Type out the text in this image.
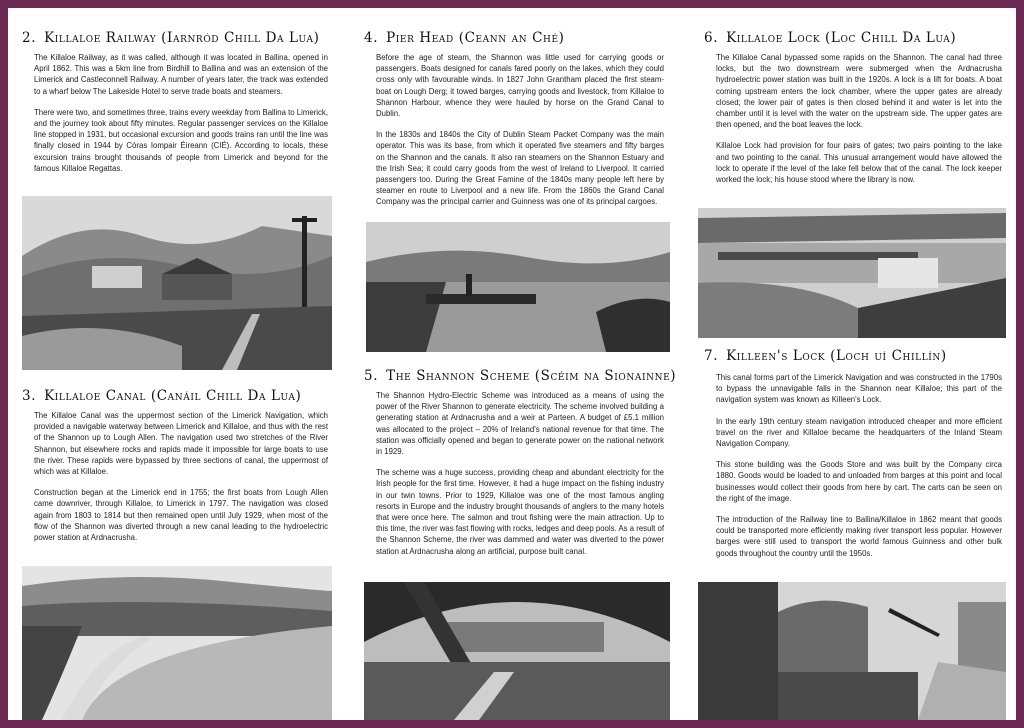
2. Killaloe Railway (Iarnród Chill Da Lua)

The Killaloe Railway, as it was called, although it was located in Ballina, opened in April 1862. This was a 5km line from Birdhill to Ballina and was an extension of the Limerick and Castleconnell Railway. A number of years later, the track was extended to a wharf below The Lakeside Hotel to serve trade boats and steamers.

There were two, and sometimes three, trains every weekday from Ballina to Limerick, and the journey took about fifty minutes. Regular passenger services on the Killaloe line stopped in 1931, but occasional excursion and goods trains ran until the line was finally closed in 1944 by Córas Iompair Éireann (CIÉ). According to locals, these excursion trains brought thousands of people from Limerick and beyond for the famous Killaloe Regattas.

3. Killaloe Canal (Canáil Chill Da Lua)

The Killaloe Canal was the uppermost section of the Limerick Navigation, which provided a navigable waterway between Limerick and Killaloe, and thus with the rest of the Shannon up to Lough Allen. The navigation used two stretches of the River Shannon, but elsewhere rocks and rapids made it impossible for large boats to use the river. These rapids were bypassed by three sections of canal, the uppermost of which was at Killaloe.

Construction began at the Limerick end in 1755; the first boats from Lough Allen came downriver, through Killaloe, to Limerick in 1797. The navigation was closed again from 1803 to 1814 but then remained open until July 1929, when most of the flow of the Shannon was diverted through a new canal leading to the hydroelectric power station at Ardnacrusha.

4. Pier Head (Ceann an Ché)

Before the age of steam, the Shannon was little used for carrying goods or passengers. Boats designed for canals fared poorly on the lakes, which they could cross only with favourable winds. In 1827 John Grantham placed the first steam-boat on Lough Derg; it towed barges, carrying goods and livestock, from Killaloe to Shannon Harbour, whence they were hauled by horse on the Grand Canal to Dublin.

In the 1830s and 1840s the City of Dublin Steam Packet Company was the main operator. This was its base, from which it operated five steamers and fifty barges on the Shannon and the canals. It also ran steamers on the Shannon Estuary and the Irish Sea; it could carry goods from the west of Ireland to Liverpool. It carried passengers too. During the Great Famine of the 1840s many people left here by steamer en route to Liverpool and a new life. From the 1860s the Grand Canal Company was the principal carrier and Guinness was one of its principal cargoes.

5. The Shannon Scheme (Scéim na Sionainne)

The Shannon Hydro-Electric Scheme was introduced as a means of using the power of the River Shannon to generate electricity. The scheme involved building a generating station at Ardnacrusha and a weir at Parteen. A budget of £5.1 million was allocated to the project – 20% of Ireland's national revenue for that time. The station was officially opened and began to generate power on the national network in 1929.

The scheme was a huge success, providing cheap and abundant electricity for the Irish people for the first time. However, it had a huge impact on the fishing industry in our twin towns. Prior to 1929, Killaloe was one of the most famous angling resorts in Europe and the industry brought thousands of anglers to the many hotels that were once here. The salmon and trout fishing were the main attraction. Up to this time, the river was fast flowing with rocks, ledges and deep pools. As a result of the Shannon Scheme, the river was dammed and water was diverted to the power station at Ardnacrusha along an artificial, purpose built canal.

6. Killaloe Lock (Loc Chill Da Lua)

The Killaloe Canal bypassed some rapids on the Shannon. The canal had three locks, but the two downstream were submerged when the Ardnacrusha hydroelectric power station was built in the 1920s. A lock is a lift for boats. A boat coming upstream enters the lock chamber, where the upper gates are already closed; the lower pair of gates is then closed behind it and water is let into the chamber until it is level with the water on the upstream side. The upper gates are then opened, and the boat leaves the lock.

Killaloe Lock had provision for four pairs of gates; two pairs pointing to the lake and two pointing to the canal. This unusual arrangement would have allowed the lock to operate if the level of the lake fell below that of the canal. The lock keeper worked the lock; his house stood where the library is now.

7. Killeen's Lock (Loch uí Chillín)

This canal forms part of the Limerick Navigation and was constructed in the 1790s to bypass the unnavigable falls in the Shannon near Killaloe; this part of the navigation system was known as Killeen's Lock.

In the early 19th century steam navigation introduced cheaper and more efficient travel on the river and Killaloe became the headquarters of the Inland Steam Navigation Company.

This stone building was the Goods Store and was built by the Company circa 1880. Goods would be loaded to and unloaded from barges at this point and local businesses would collect their goods from here by cart. The carts can be seen on the right of the image.

The introduction of the Railway line to Ballina/Killaloe in 1862 meant that goods could be transported more efficiently making river transport less popular. However barges were still used to transport the world famous Guinness and other bulk goods throughout the country until the 1950s.
